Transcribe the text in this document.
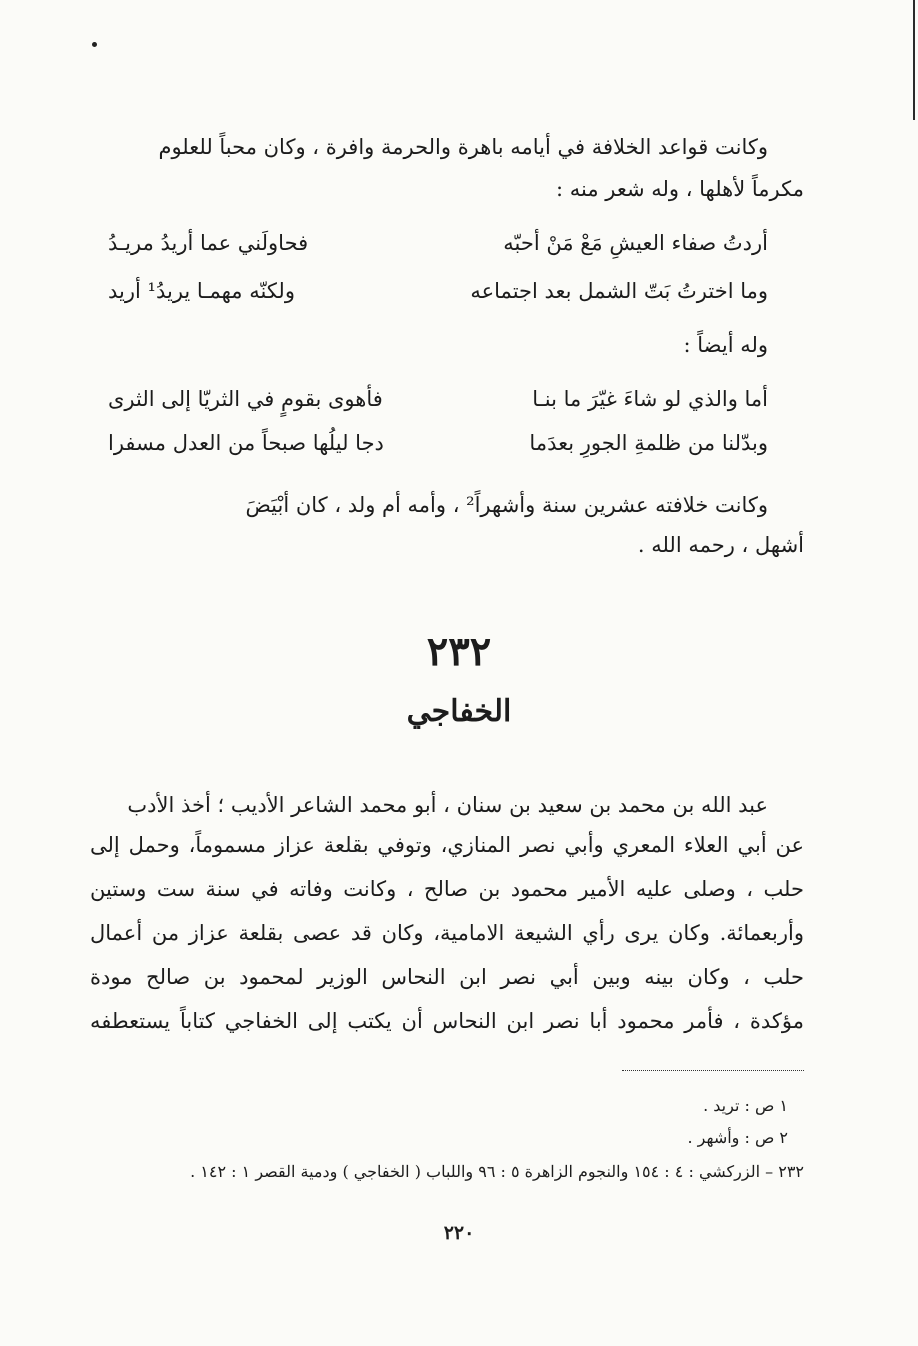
وكانت قواعد الخلافة في أيامه باهرة والحرمة وافرة ، وكان محباً للعلوم
مكرماً لأهلها ، وله شعر منه :
أردتُ صفاء العيشِ مَعْ مَنْ أحبّه
فحاولَني عما أريدُ مريـدُ
وما اخترتُ بَتّ الشمل بعد اجتماعه
ولكنّه مهمـا يريدُ¹ أريد
وله أيضاً :
أما والذي لو شاءَ غيّرَ ما بنـا
فأهوى بقومٍ في الثريّا إلى الثرى
وبدّلنا من ظلمةِ الجورِ بعدَما
دجا ليلُها صبحاً من العدل مسفرا
وكانت خلافته عشرين سنة وأشهراً² ، وأمه أم ولد ، كان أبْيَضَ
أشهل ، رحمه الله .
٢٣٢
الخفاجي
عبد الله بن محمد بن سعيد بن سنان ، أبو محمد الشاعر الأديب ؛ أخذ الأدب
عن أبي العلاء المعري وأبي نصر المنازي، وتوفي بقلعة عزاز مسموماً، وحمل إلى
حلب ، وصلى عليه الأمير محمود بن صالح ، وكانت وفاته في سنة ست وستين
وأربعمائة. وكان يرى رأي الشيعة الامامية، وكان قد عصى بقلعة عزاز من أعمال
حلب ، وكان بينه وبين أبي نصر ابن النحاس الوزير لمحمود بن صالح مودة
مؤكدة ، فأمر محمود أبا نصر ابن النحاس أن يكتب إلى الخفاجي كتاباً يستعطفه
١ ص : تريد .
٢ ص : وأشهر .
٢٣٢ – الزركشي : ٤ : ١٥٤ والنجوم الزاهرة ٥ : ٩٦ واللباب ( الخفاجي ) ودمية القصر ١ : ١٤٢ .
٢٢٠
